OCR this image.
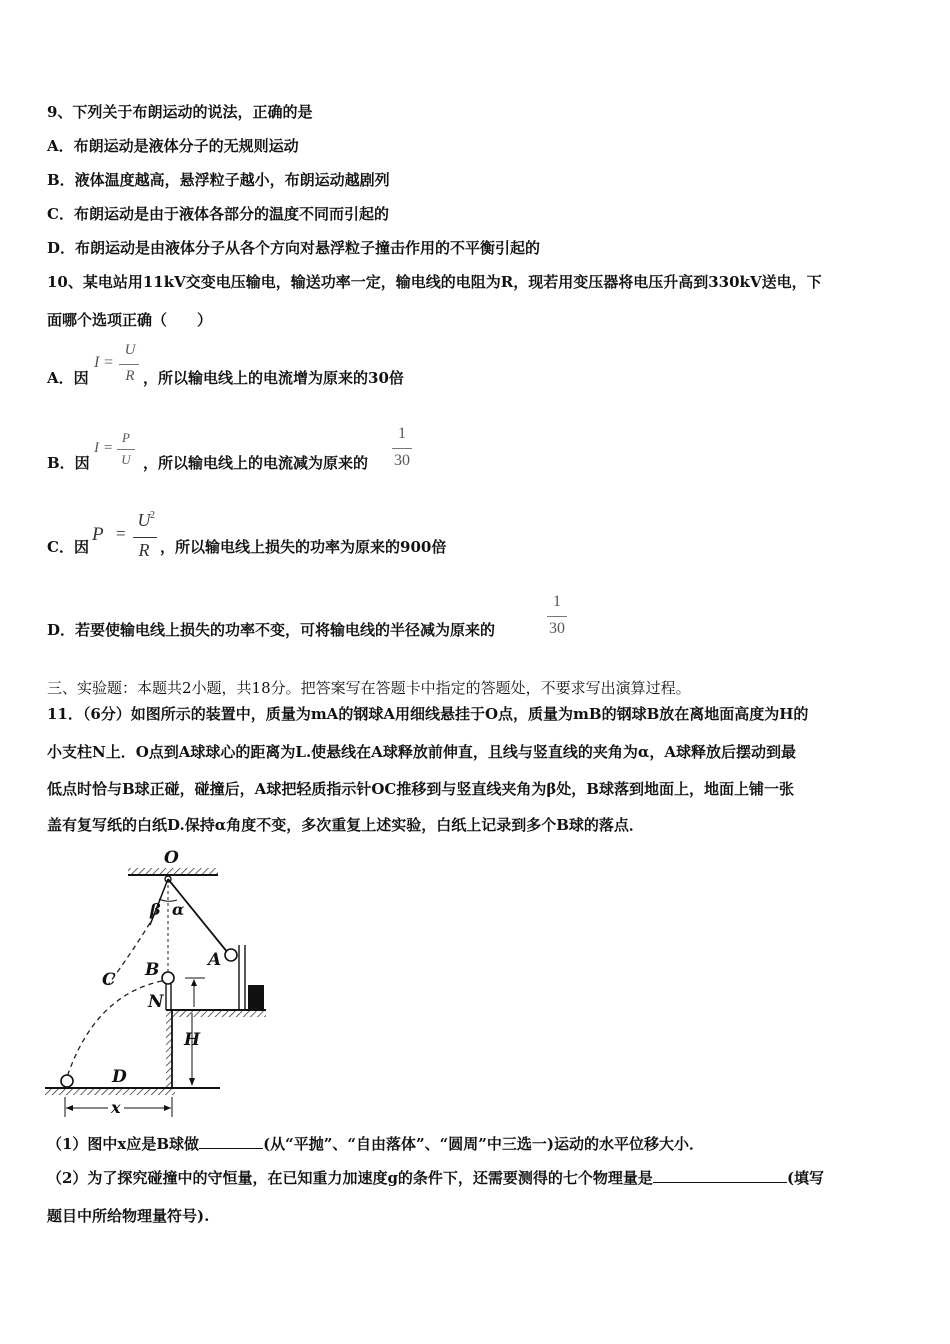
9、下列关于布朗运动的说法，正确的是
A．布朗运动是液体分子的无规则运动
B．液体温度越高，悬浮粒子越小，布朗运动越剧列
C．布朗运动是由于液体各部分的温度不同而引起的
D．布朗运动是由液体分子从各个方向对悬浮粒子撞击作用的不平衡引起的
10、某电站用11kV交变电压输电，输送功率一定，输电线的电阻为R，现若用变压器将电压升高到330kV送电，下
面哪个选项正确（　　）
A．因
I =
U
R ，所以输电线上的电流增为原来的30倍
B．因
I =
P
U ，所以输电线上的电流减为原来的
1
30
C．因
P =
U 2
R ，所以输电线上损失的功率为原来的900倍
D．若要使输电线上损失的功率不变，可将输电线的半径减为原来的
1
30
三、实验题：本题共2小题，共18分。把答案写在答题卡中指定的答题处，不要求写出演算过程。
11．（6分）如图所示的装置中，质量为mA的钢球A用细线悬挂于O点，质量为mB的钢球B放在离地面高度为H的
小支柱N上．O点到A球球心的距离为L.使悬线在A球释放前伸直，且线与竖直线的夹角为α，A球释放后摆动到最
低点时恰与B球正碰，碰撞后，A球把轻质指示针OC推移到与竖直线夹角为β处，B球落到地面上，地面上铺一张
盖有复写纸的白纸D.保持α角度不变，多次重复上述实验，白纸上记录到多个B球的落点．
O
β α
A
B
C
N
H
D
x
（1）图中x应是B球做	(从“平抛”、“自由落体”、“圆周”中三选一)运动的水平位移大小．
（2）为了探究碰撞中的守恒量，在已知重力加速度g的条件下，还需要测得的七个物理量是	(填写
题目中所给物理量符号).
